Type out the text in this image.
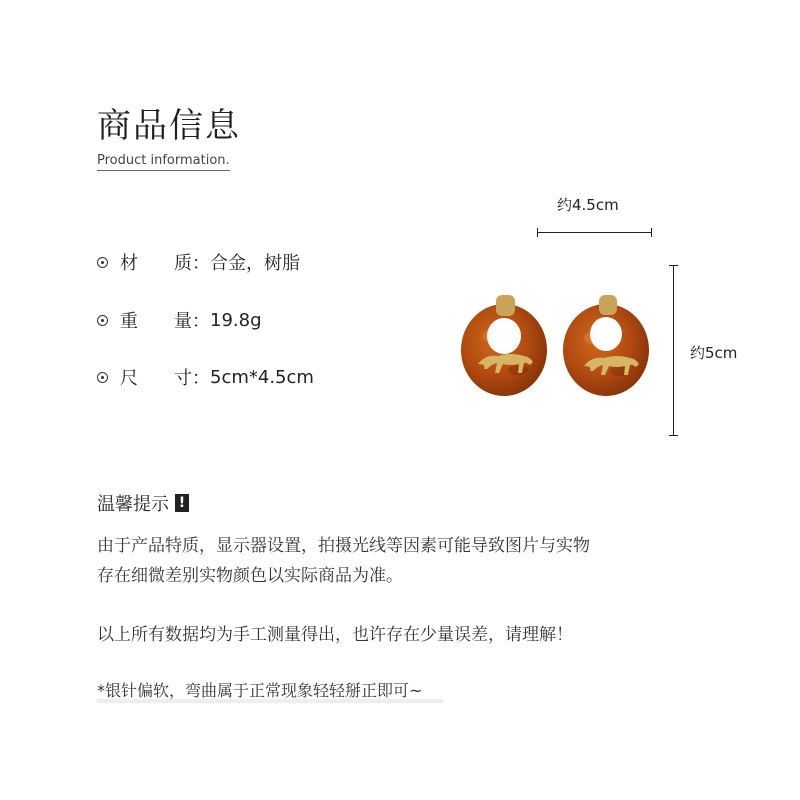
商品信息
Product information.
材	质 ： 合金，树脂
重	量 ： 19.8g
尺	寸 ： 5cm*4.5cm
约4.5cm
约5cm
温馨提示 !
由于产品特质，显示器设置，拍摄光线等因素可能导致图片与实物
存在细微差别实物颜色以实际商品为准。
以上所有数据均为手工测量得出，也许存在少量误差，请理解！
*银针偏软，弯曲属于正常现象轻轻掰正即可~
